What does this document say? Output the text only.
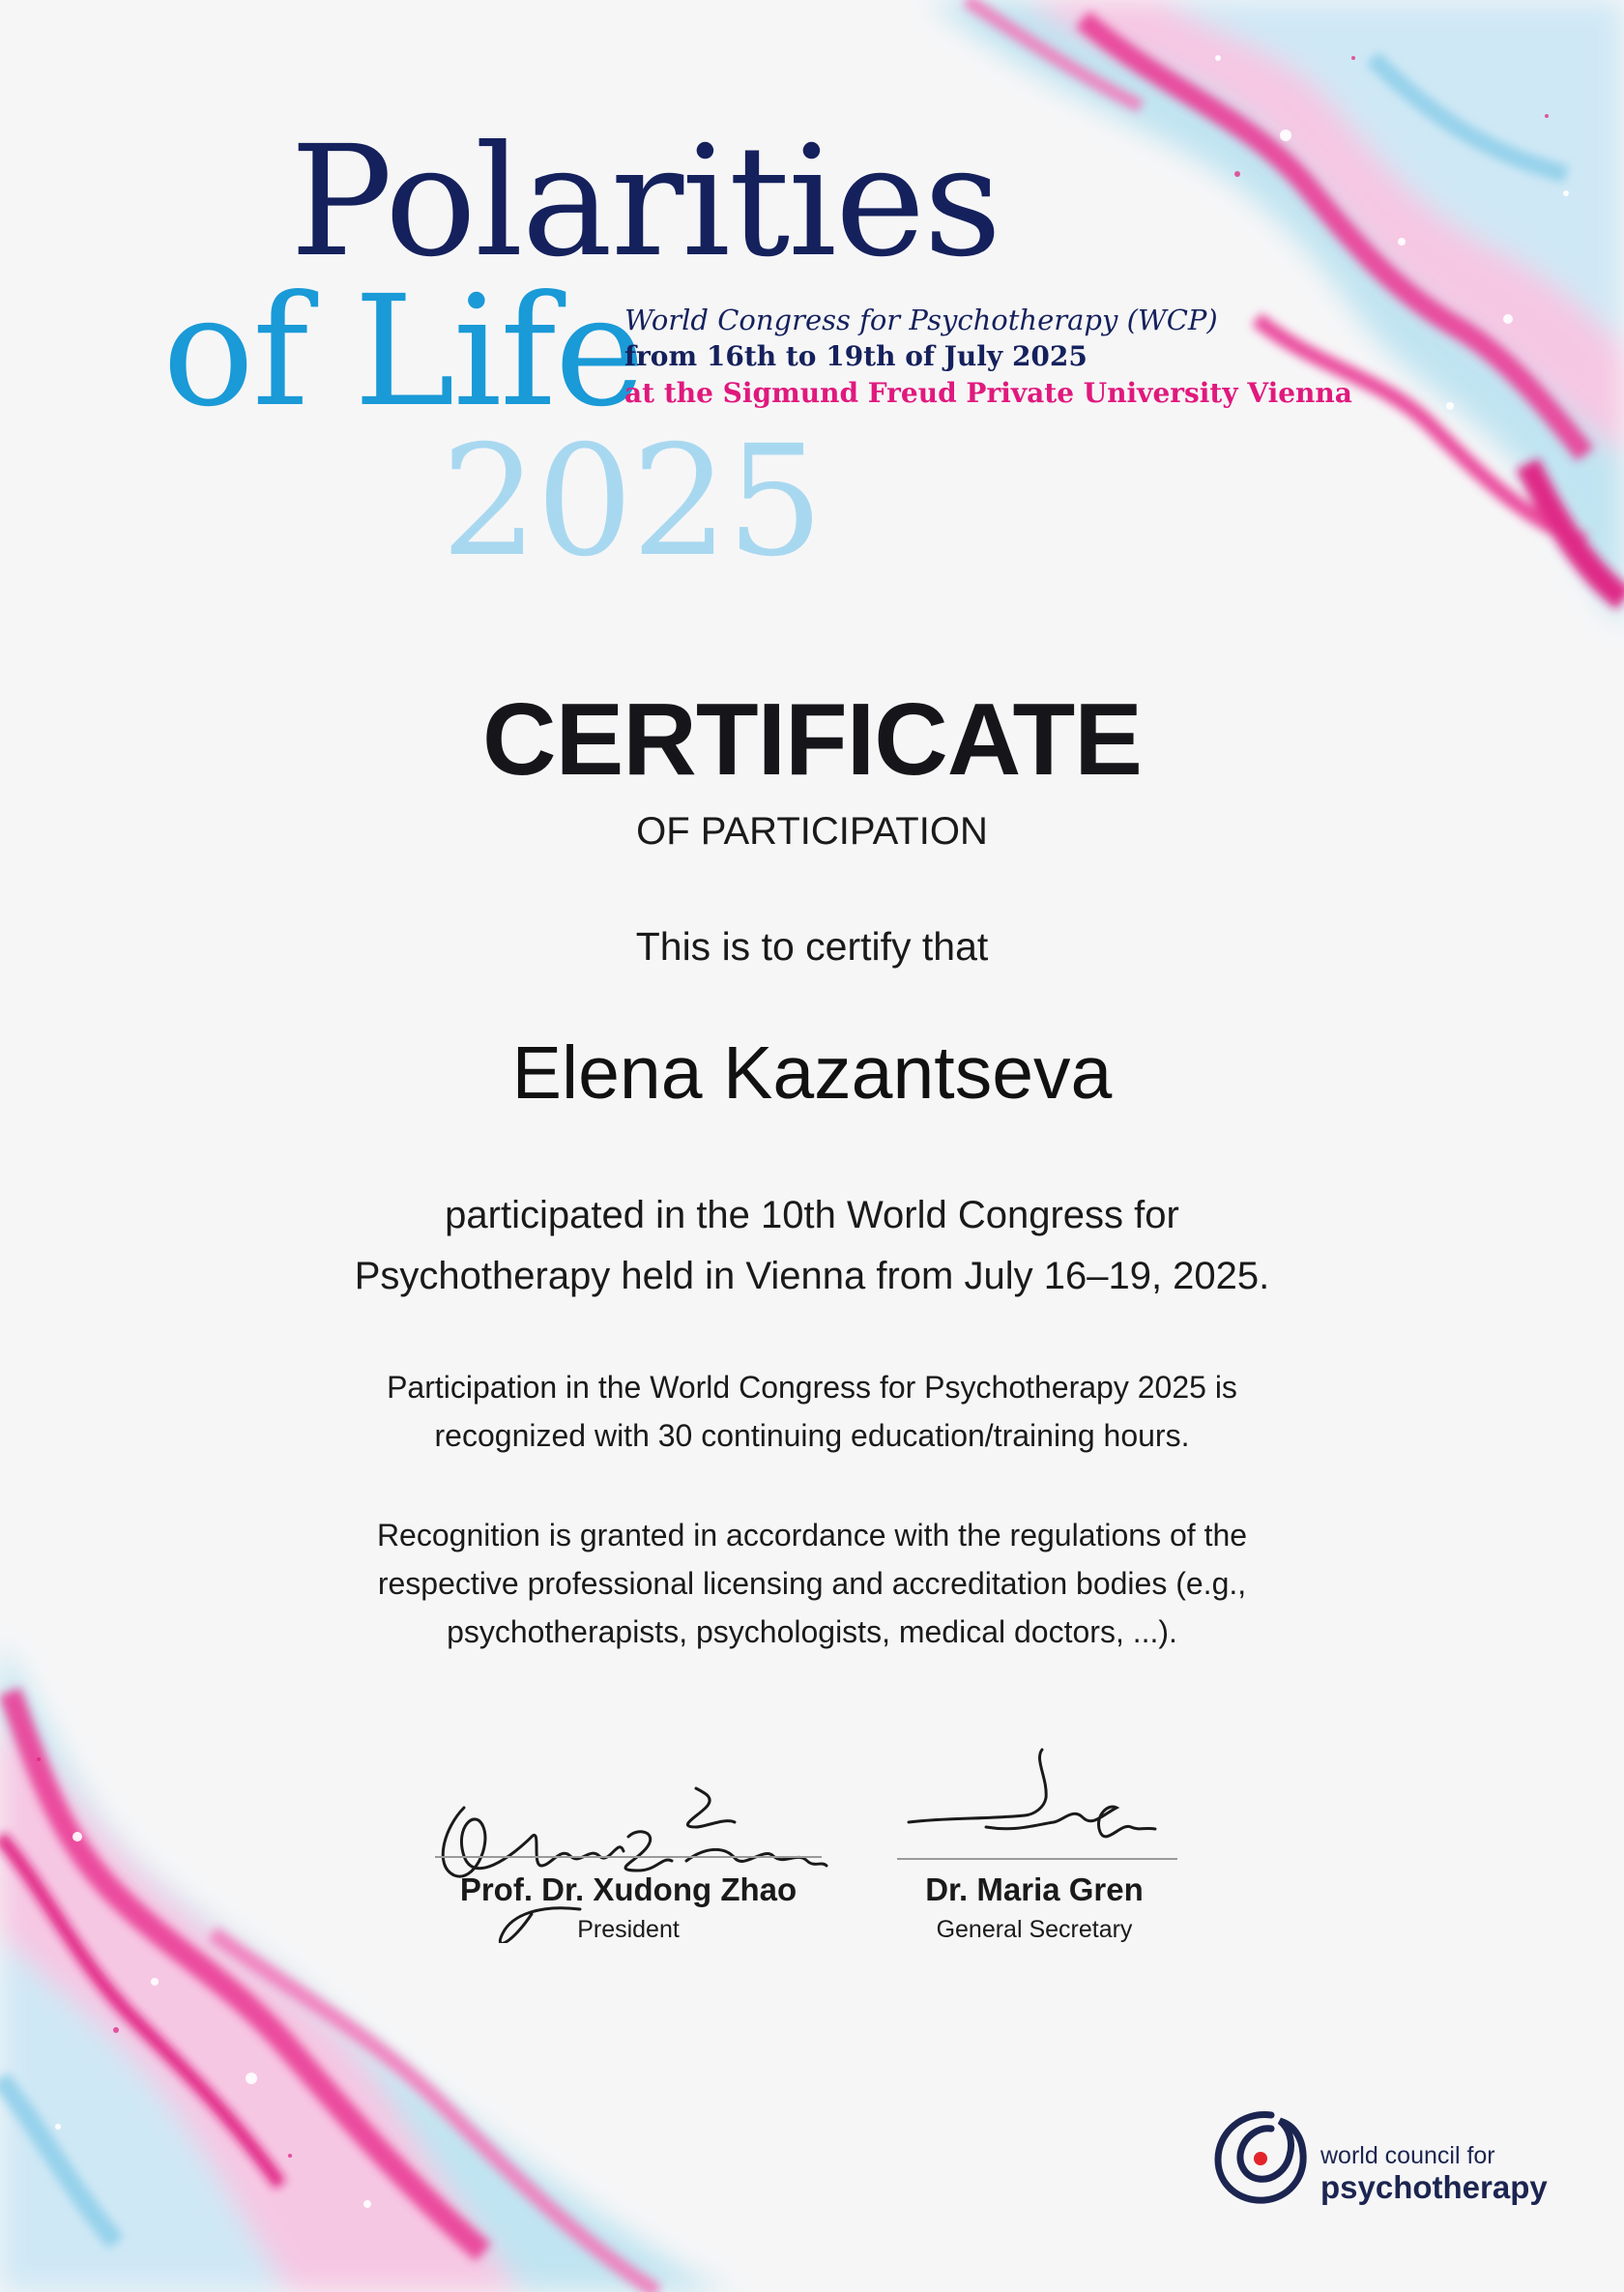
Polarities
of Life
2025
World Congress for Psychotherapy (WCP)
from 16th to 19th of July 2025
at the Sigmund Freud Private University Vienna
CERTIFICATE
OF PARTICIPATION
This is to certify that
Elena Kazantseva
participated in the 10th World Congress for
Psychotherapy held in Vienna from July 16–19, 2025.
Participation in the World Congress for Psychotherapy 2025 is
recognized with 30 continuing education/training hours.
Recognition is granted in accordance with the regulations of the
respective professional licensing and accreditation bodies (e.g.,
psychotherapists, psychologists, medical doctors, ...).
Prof. Dr. Xudong Zhao
President
Dr. Maria Gren
General Secretary
world council for
psychotherapy
